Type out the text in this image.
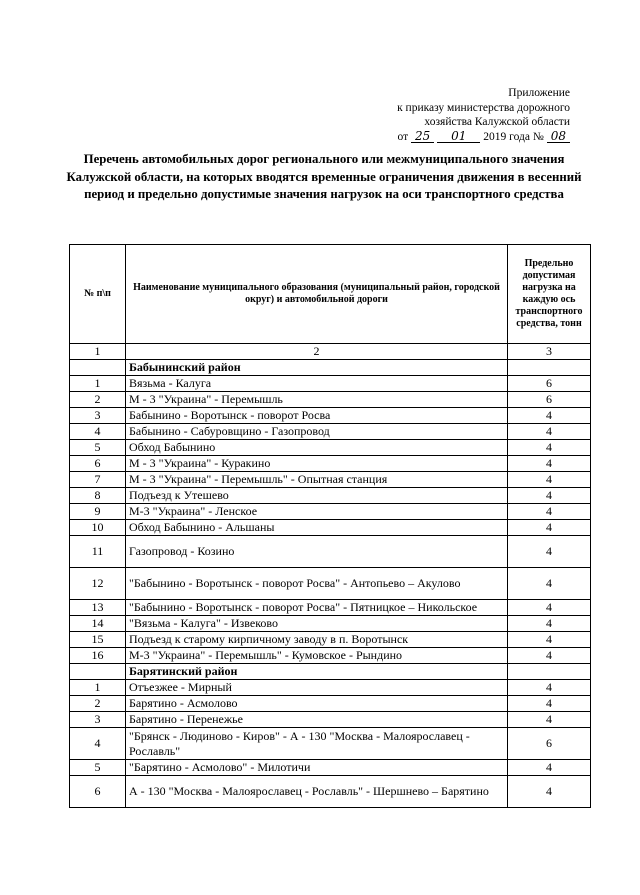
Приложение
к приказу министерства дорожного
хозяйства Калужской области
от 25 01 2019 года № 08
Перечень автомобильных дорог регионального или межмуниципального значения Калужской области, на которых вводятся временные ограничения движения в весенний период и предельно допустимые значения нагрузок на оси транспортного средства
№ п\п	Наименование муниципального образования (муниципальный район, городской округ) и автомобильной дороги	Предельно допустимая нагрузка на каждую ось транспортного средства, тонн
1	2	3
	Бабынинский район	
1	Вязьма - Калуга	6
2	М - 3 "Украина" - Перемышль	6
3	Бабынино - Воротынск - поворот Росва	4
4	Бабынино - Сабуровщино - Газопровод	4
5	Обход Бабынино	4
6	М - 3 "Украина" - Куракино	4
7	М - 3 "Украина" - Перемышль" - Опытная станция	4
8	Подъезд к Утешево	4
9	М-3 "Украина" - Ленское	4
10	Обход Бабынино - Альшаны	4
11	Газопровод - Козино	4
12	"Бабынино - Воротынск - поворот Росва" - Антопьево – Акулово	4
13	"Бабынино - Воротынск - поворот Росва" - Пятницкое – Никольское	4
14	"Вязьма - Калуга" - Извеково	4
15	Подъезд к старому кирпичному заводу в п. Воротынск	4
16	М-3 "Украина" - Перемышль" - Кумовское - Рындино	4
	Барятинский район	
1	Отъезжее - Мирный	4
2	Барятино - Асмолово	4
3	Барятино - Перенежье	4
4	"Брянск - Людиново - Киров" - А - 130 "Москва - Малоярославец - Рославль"	6
5	"Барятино - Асмолово" - Милотичи	4
6	А - 130 "Москва - Малоярославец - Рославль" - Шершнево – Барятино	4
